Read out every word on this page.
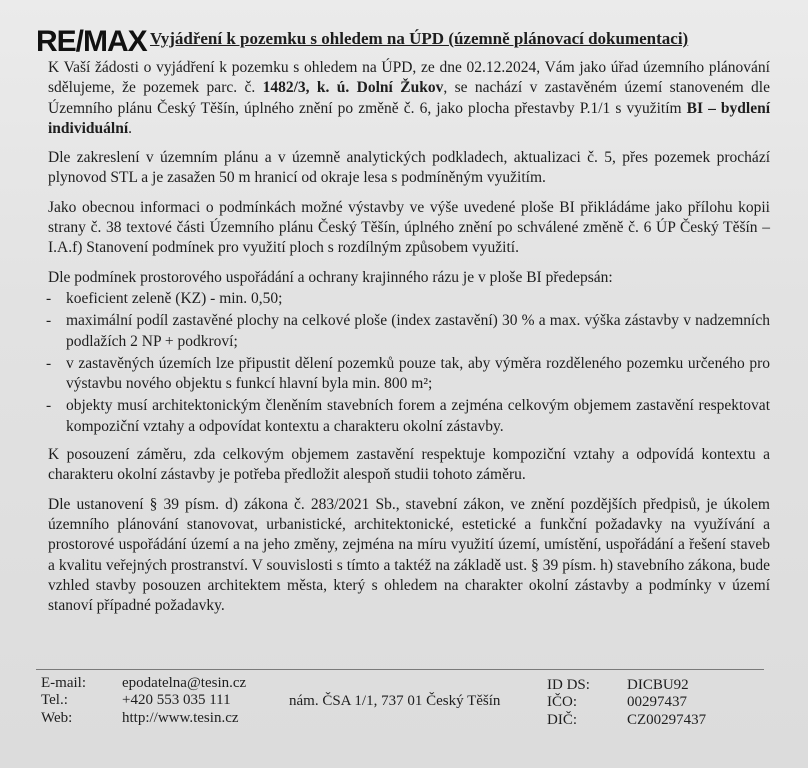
RE/MAX Vyjádření k pozemku s ohledem na ÚPD (územně plánovací dokumentaci)

K Vaší žádosti o vyjádření k pozemku s ohledem na ÚPD, ze dne 02.12.2024, Vám jako úřad územního plánování sdělujeme, že pozemek parc. č. 1482/3, k. ú. Dolní Žukov, se nachází v zastavěném území stanoveném dle Územního plánu Český Těšín, úplného znění po změně č. 6, jako plocha přestavby P.1/1 s využitím BI – bydlení individuální.

Dle zakreslení v územním plánu a v územně analytických podkladech, aktualizaci č. 5, přes pozemek prochází plynovod STL a je zasažen 50 m hranicí od okraje lesa s podmíněným využitím.

Jako obecnou informaci o podmínkách možné výstavby ve výše uvedené ploše BI přikládáme jako přílohu kopii strany č. 38 textové části Územního plánu Český Těšín, úplného znění po schválené změně č. 6 ÚP Český Těšín – I.A.f) Stanovení podmínek pro využití ploch s rozdílným způsobem využití.

Dle podmínek prostorového uspořádání a ochrany krajinného rázu je v ploše BI předepsán:

- koeficient zeleně (KZ) - min. 0,50;
- maximální podíl zastavěné plochy na celkové ploše (index zastavění) 30 % a max. výška zástavby v nadzemních podlažích 2 NP + podkroví;
- v zastavěných územích lze připustit dělení pozemků pouze tak, aby výměra rozděleného pozemku určeného pro výstavbu nového objektu s funkcí hlavní byla min. 800 m²;
- objekty musí architektonickým členěním stavebních forem a zejména celkovým objemem zastavění respektovat kompoziční vztahy a odpovídat kontextu a charakteru okolní zástavby.

K posouzení záměru, zda celkovým objemem zastavění respektuje kompoziční vztahy a odpovídá kontextu a charakteru okolní zástavby je potřeba předložit alespoň studii tohoto záměru.

Dle ustanovení § 39 písm. d) zákona č. 283/2021 Sb., stavební zákon, ve znění pozdějších předpisů, je úkolem územního plánování stanovovat, urbanistické, architektonické, estetické a funkční požadavky na využívání a prostorové uspořádání území a na jeho změny, zejména na míru využití území, umístění, uspořádání a řešení staveb a kvalitu veřejných prostranství. V souvislosti s tímto a taktéž na základě ust. § 39 písm. h) stavebního zákona, bude vzhled stavby posouzen architektem města, který s ohledem na charakter okolní zástavby a podmínky v území stanoví případné požadavky.

E-mail: epodatelna@tesin.cz
Tel.:	+420 553 035 111
Web:	http://www.tesin.cz
nám. ČSA 1/1, 737 01 Český Těšín
ID DS: DICBU92
IČO:	00297437
DIČ:	CZ00297437
